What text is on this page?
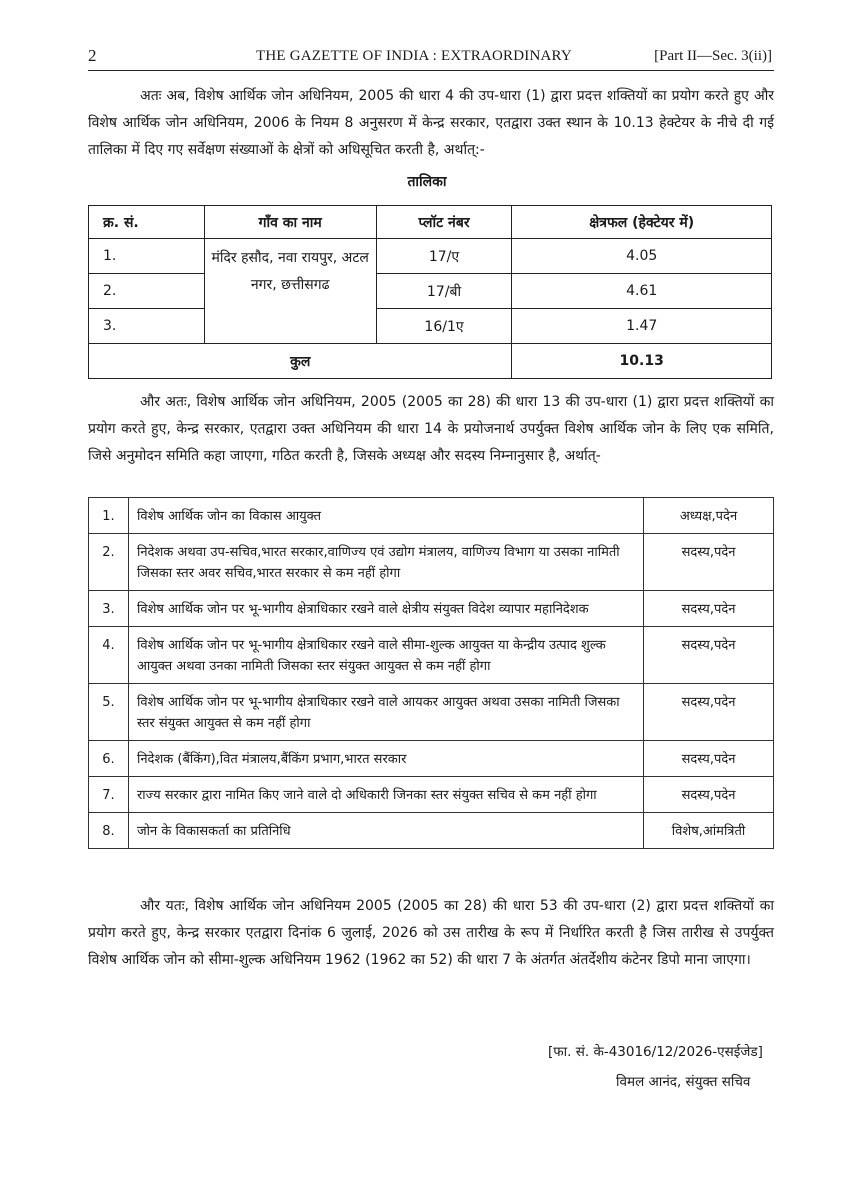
2	THE GAZETTE OF INDIA : EXTRAORDINARY	[Part II—Sec. 3(ii)]
अतः अब, विशेष आर्थिक जोन अधिनियम, 2005 की धारा 4 की उप-धारा (1) द्वारा प्रदत्त शक्तियों का प्रयोग करते हुए और विशेष आर्थिक जोन अधिनियम, 2006 के नियम 8 अनुसरण में केन्द्र सरकार, एतद्वारा उक्त स्थान के 10.13 हेक्टेयर के नीचे दी गई तालिका में दिए गए सर्वेक्षण संख्याओं के क्षेत्रों को अधिसूचित करती है, अर्थात्:-
तालिका
क्र. सं.	गाँव का नाम	प्लॉट नंबर	क्षेत्रफल (हेक्टेयर में)
1.	मंदिर हसौद, नवा रायपुर, अटल नगर, छत्तीसगढ	17/ए	4.05
2.		17/बी	4.61
3.		16/1ए	1.47
कुल			10.13
और अतः, विशेष आर्थिक जोन अधिनियम, 2005 (2005 का 28) की धारा 13 की उप-धारा (1) द्वारा प्रदत्त शक्तियों का प्रयोग करते हुए, केन्द्र सरकार, एतद्वारा उक्त अधिनियम की धारा 14 के प्रयोजनार्थ उपर्युक्त विशेष आर्थिक जोन के लिए एक समिति, जिसे अनुमोदन समिति कहा जाएगा, गठित करती है, जिसके अध्यक्ष और सदस्य निम्नानुसार है, अर्थात्-
1.	विशेष आर्थिक जोन का विकास आयुक्त	अध्यक्ष,पदेन
2.	निदेशक अथवा उप-सचिव,भारत सरकार,वाणिज्य एवं उद्योग मंत्रालय, वाणिज्य विभाग या उसका नामिती जिसका स्तर अवर सचिव,भारत सरकार से कम नहीं होगा	सदस्य,पदेन
3.	विशेष आर्थिक जोन पर भू-भागीय क्षेत्राधिकार रखने वाले क्षेत्रीय संयुक्त विदेश व्यापार महानिदेशक	सदस्य,पदेन
4.	विशेष आर्थिक जोन पर भू-भागीय क्षेत्राधिकार रखने वाले सीमा-शुल्क आयुक्त या केन्द्रीय उत्पाद शुल्क आयुक्त अथवा उनका नामिती जिसका स्तर संयुक्त आयुक्त से कम नहीं होगा	सदस्य,पदेन
5.	विशेष आर्थिक जोन पर भू-भागीय क्षेत्राधिकार रखने वाले आयकर आयुक्त अथवा उसका नामिती जिसका स्तर संयुक्त आयुक्त से कम नहीं होगा	सदस्य,पदेन
6.	निदेशक (बैंकिंग),वित मंत्रालय,बैंकिंग प्रभाग,भारत सरकार	सदस्य,पदेन
7.	राज्य सरकार द्वारा नामित किए जाने वाले दो अधिकारी जिनका स्तर संयुक्त सचिव से कम नहीं होगा	सदस्य,पदेन
8.	जोन के विकासकर्ता का प्रतिनिधि	विशेष,आंमत्रिती
और यतः, विशेष आर्थिक जोन अधिनियम 2005 (2005 का 28) की धारा 53 की उप-धारा (2) द्वारा प्रदत्त शक्तियों का प्रयोग करते हुए, केन्द्र सरकार एतद्वारा दिनांक 6 जुलाई, 2026 को उस तारीख के रूप में निर्धारित करती है जिस तारीख से उपर्युक्त विशेष आर्थिक जोन को सीमा-शुल्क अधिनियम 1962 (1962 का 52) की धारा 7 के अंतर्गत अंतर्देशीय कंटेनर डिपो माना जाएगा।
[फा. सं. के-43016/12/2026-एसईजेड]
विमल आनंद, संयुक्त सचिव
